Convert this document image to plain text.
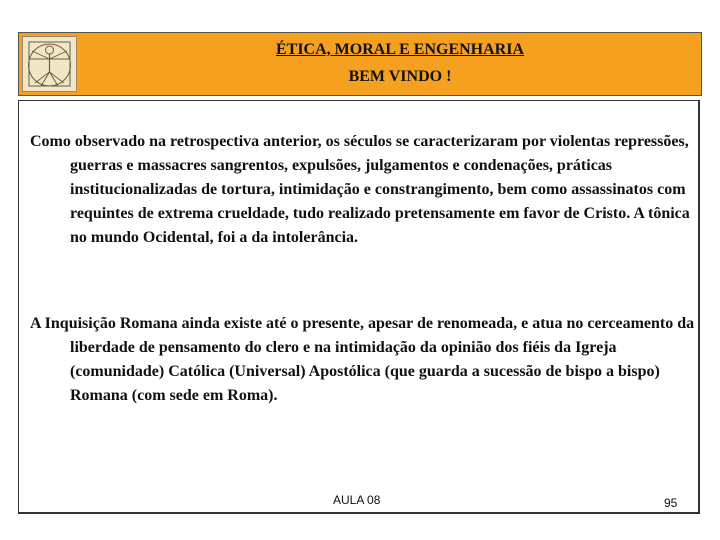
ÉTICA, MORAL E ENGENHARIA
BEM VINDO !

Como observado na retrospectiva anterior, os séculos se caracterizaram por violentas repressões, guerras e massacres sangrentos, expulsões, julgamentos e condenações, práticas institucionalizadas de tortura, intimidação e constrangimento, bem como assassinatos com requintes de extrema crueldade, tudo realizado pretensamente em favor de Cristo. A tônica no mundo Ocidental, foi a da intolerância.

A Inquisição Romana ainda existe até o presente, apesar de renomeada, e atua no cerceamento da liberdade de pensamento do clero e na intimidação da opinião dos fiéis da Igreja (comunidade) Católica (Universal) Apostólica (que guarda a sucessão de bispo a bispo) Romana (com sede em Roma).

AULA 08	95
